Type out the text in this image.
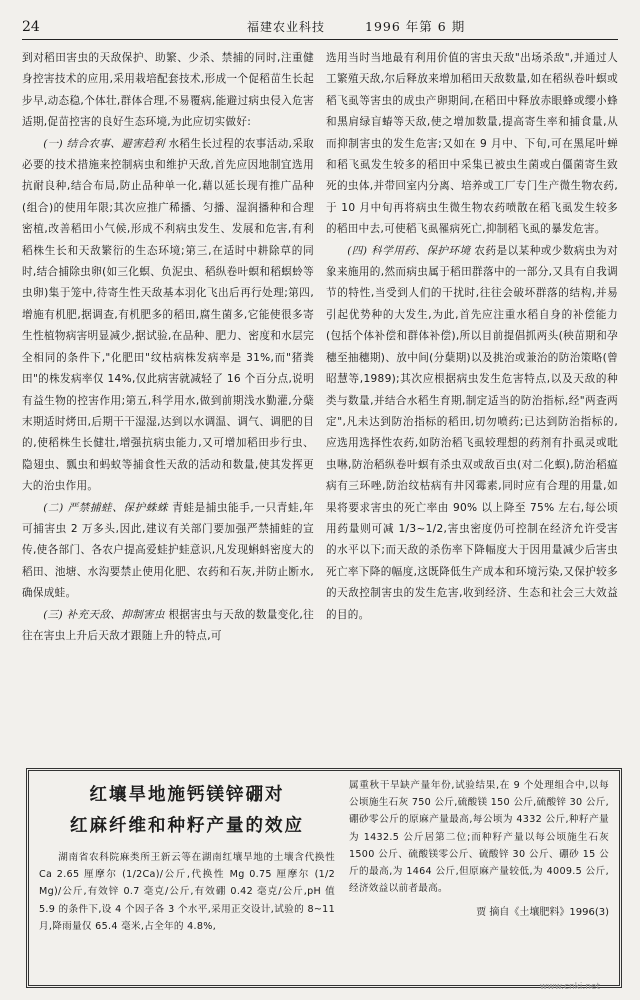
24	福建农业科技	1996 年第 6 期

到对稻田害虫的天敌保护、助繁、少杀、禁捕的同时,注重健身控害技术的应用,采用栽培配套技术,形成一个促稻苗生长起步早,动态稳,个体壮,群体合理,不易覆病,能避过病虫侵入危害适期,促苗控害的良好生态环境,为此应切实做好:

(一) 结合农事、避害趋利 水稻生长过程的农事活动,采取必要的技术措施来控制病虫和维护天敌,首先应因地制宜选用抗耐良种,结合布局,防止品种单一化,藉以延长现有推广品种(组合)的使用年限;其次应推广稀播、匀播、湿润播种和合理密植,改善稻田小气候,形成不利病虫发生、发展和危害,有利稻株生长和天敌繁衍的生态环境;第三,在适时中耕除草的同时,结合捕除虫卵(如三化螟、负泥虫、稻纵卷叶螟和稻螟蛉等虫卵)集于笼中,待寄生性天敌基本羽化飞出后再行处理;第四,增施有机肥,据调查,有机肥多的稻田,腐生菌多,它能使很多寄生性植物病害明显减少,据试验,在品种、肥力、密度和水层完全相同的条件下,"化肥田"纹枯病株发病率是 31%,而"猪粪田"的株发病率仅 14%,仅此病害就减轻了 16 个百分点,说明有益生物的控害作用;第五,科学用水,做到前期浅水勤灌,分蘖末期适时烤田,后期干干湿湿,达到以水调温、调气、调肥的目的,使稻株生长健壮,增强抗病虫能力,又可增加稻田步行虫、隐翅虫、瓢虫和蚂蚁等捕食性天敌的活动和数量,使其发挥更大的治虫作用。

(二) 严禁捕蛙、保护蛛蛛 青蛙是捕虫能手,一只青蛙,年可捕害虫 2 万多头,因此,建议有关部门要加强严禁捕蛙的宣传,使各部门、各农户提高爱蛙护蛙意识,凡发现蝌蚪密度大的稻田、池塘、水沟要禁止使用化肥、农药和石灰,并防止断水,确保成蛙。

(三) 补充天敌、抑制害虫 根据害虫与天敌的数量变化,往往在害虫上升后天敌才跟随上升的特点,可

选用当时当地最有利用价值的害虫天敌"出场杀敌",并通过人工繁殖天敌,尔后释放来增加稻田天敌数量,如在稻纵卷叶螟或稻飞虱等害虫的成虫产卵期间,在稻田中释放赤眼蜂或缨小蜂和黑肩绿盲蝽等天敌,使之增加数量,提高寄生率和捕食量,从而抑制害虫的发生危害;又如在 9 月中、下旬,可在黑尾叶蝉和稻飞虱发生较多的稻田中采集已被虫生菌或白僵菌寄生致死的虫体,并带回室内分离、培养或工厂专门生产微生物农药,于 10 月中旬再将病虫生微生物农药喷散在稻飞虱发生较多的稻田中去,可使稻飞虱罹病死亡,抑制稻飞虱的暴发危害。

(四) 科学用药、保护环境 农药是以某种或少数病虫为对象来施用的,然而病虫属于稻田群落中的一部分,又具有自我调节的特性,当受到人们的干扰时,往往会破坏群落的结构,并易引起优势种的大发生,为此,首先应注重水稻自身的补偿能力(包括个体补偿和群体补偿),所以目前提倡抓两头(秧苗期和孕穗至抽穗期)、放中间(分蘖期)以及挑治或兼治的防治策略(曾昭慧等,1989);其次应根据病虫发生危害特点,以及天敌的种类与数量,并结合水稻生育期,制定适当的防治指标,经"两查两定",凡未达到防治指标的稻田,切勿喷药;已达到防治指标的,应选用选择性农药,如防治稻飞虱较理想的药剂有扑虱灵或吡虫啉,防治稻纵卷叶螟有杀虫双或敌百虫(对二化螟),防治稻瘟病有三环唑,防治纹枯病有井冈霉素,同时应有合理的用量,如果将要求害虫的死亡率由 90% 以上降至 75% 左右,每公顷用药量则可减 1/3~1/2,害虫密度仍可控制在经济允许受害的水平以下;而天敌的杀伤率下降幅度大于因用量减少后害虫死亡率下降的幅度,这既降低生产成本和环境污染,又保护较多的天敌控制害虫的发生危害,收到经济、生态和社会三大效益的目的。

红壤旱地施钙镁锌硼对
红麻纤维和种籽产量的效应

湖南省农科院麻类所王新云等在湖南红壤旱地的土壤含代换性 Ca 2.65 厘摩尔 (1/2Ca)/公斤,代换性 Mg 0.75 厘摩尔 (1/2 Mg)/公斤,有效锌 0.7 毫克/公斤,有效硼 0.42 毫克/公斤,pH 值 5.9 的条件下,设 4 个因子各 3 个水平,采用正交设计,试验的 8~11 月,降雨量仅 65.4 毫米,占全年的 4.8%,

属重秋干旱缺产量年份,试验结果,在 9 个处理组合中,以每公顷施生石灰 750 公斤,硫酸镁 150 公斤,硫酸锌 30 公斤,硼砂零公斤的原麻产量最高,每公顷为 4332 公斤,种籽产量为 1432.5 公斤居第二位;而种籽产量以每公顷施生石灰 1500 公斤、硫酸镁零公斤、硫酸锌 30 公斤、硼砂 15 公斤的最高,为 1464 公斤,但原麻产量较低,为 4009.5 公斤,经济效益以前者最高。
贾 摘自《土壤肥料》1996(3)
www.cnki.net
